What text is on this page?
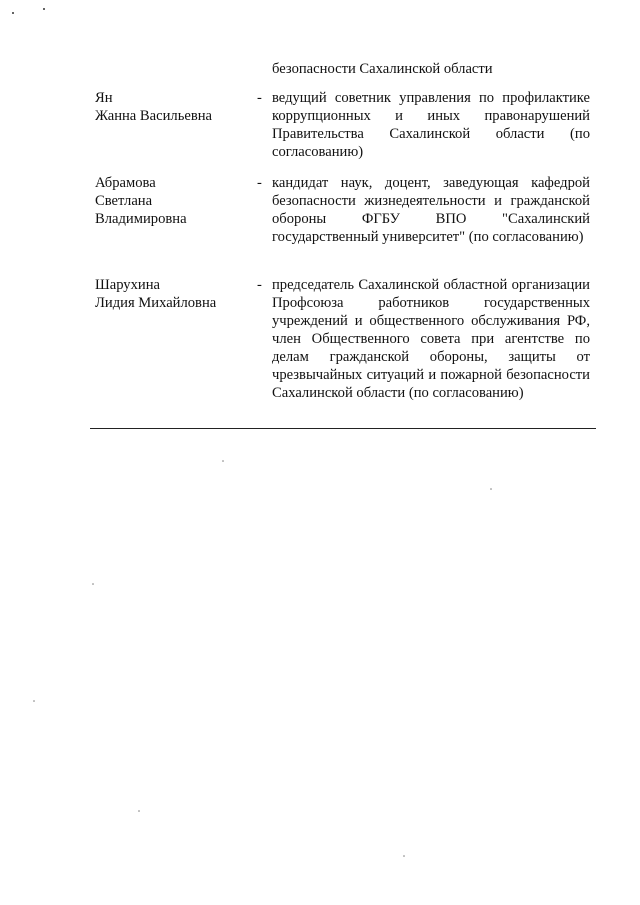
безопасности Сахалинской области
Ян
Жанна Васильевна
- ведущий советник управления по профилактике коррупционных и иных правонарушений Правительства Сахалинской области (по согласованию)
Абрамова
Светлана
Владимировна
- кандидат наук, доцент, заведующая кафедрой безопасности жизнедеятельности и гражданской обороны ФГБУ ВПО "Сахалинский государственный университет" (по согласованию)
Шарухина
Лидия Михайловна
- председатель Сахалинской областной организации Профсоюза работников государственных учреждений и общественного обслуживания РФ, член Общественного совета при агентстве по делам гражданской обороны, защиты от чрезвычайных ситуаций и пожарной безопасности Сахалинской области (по согласованию)
